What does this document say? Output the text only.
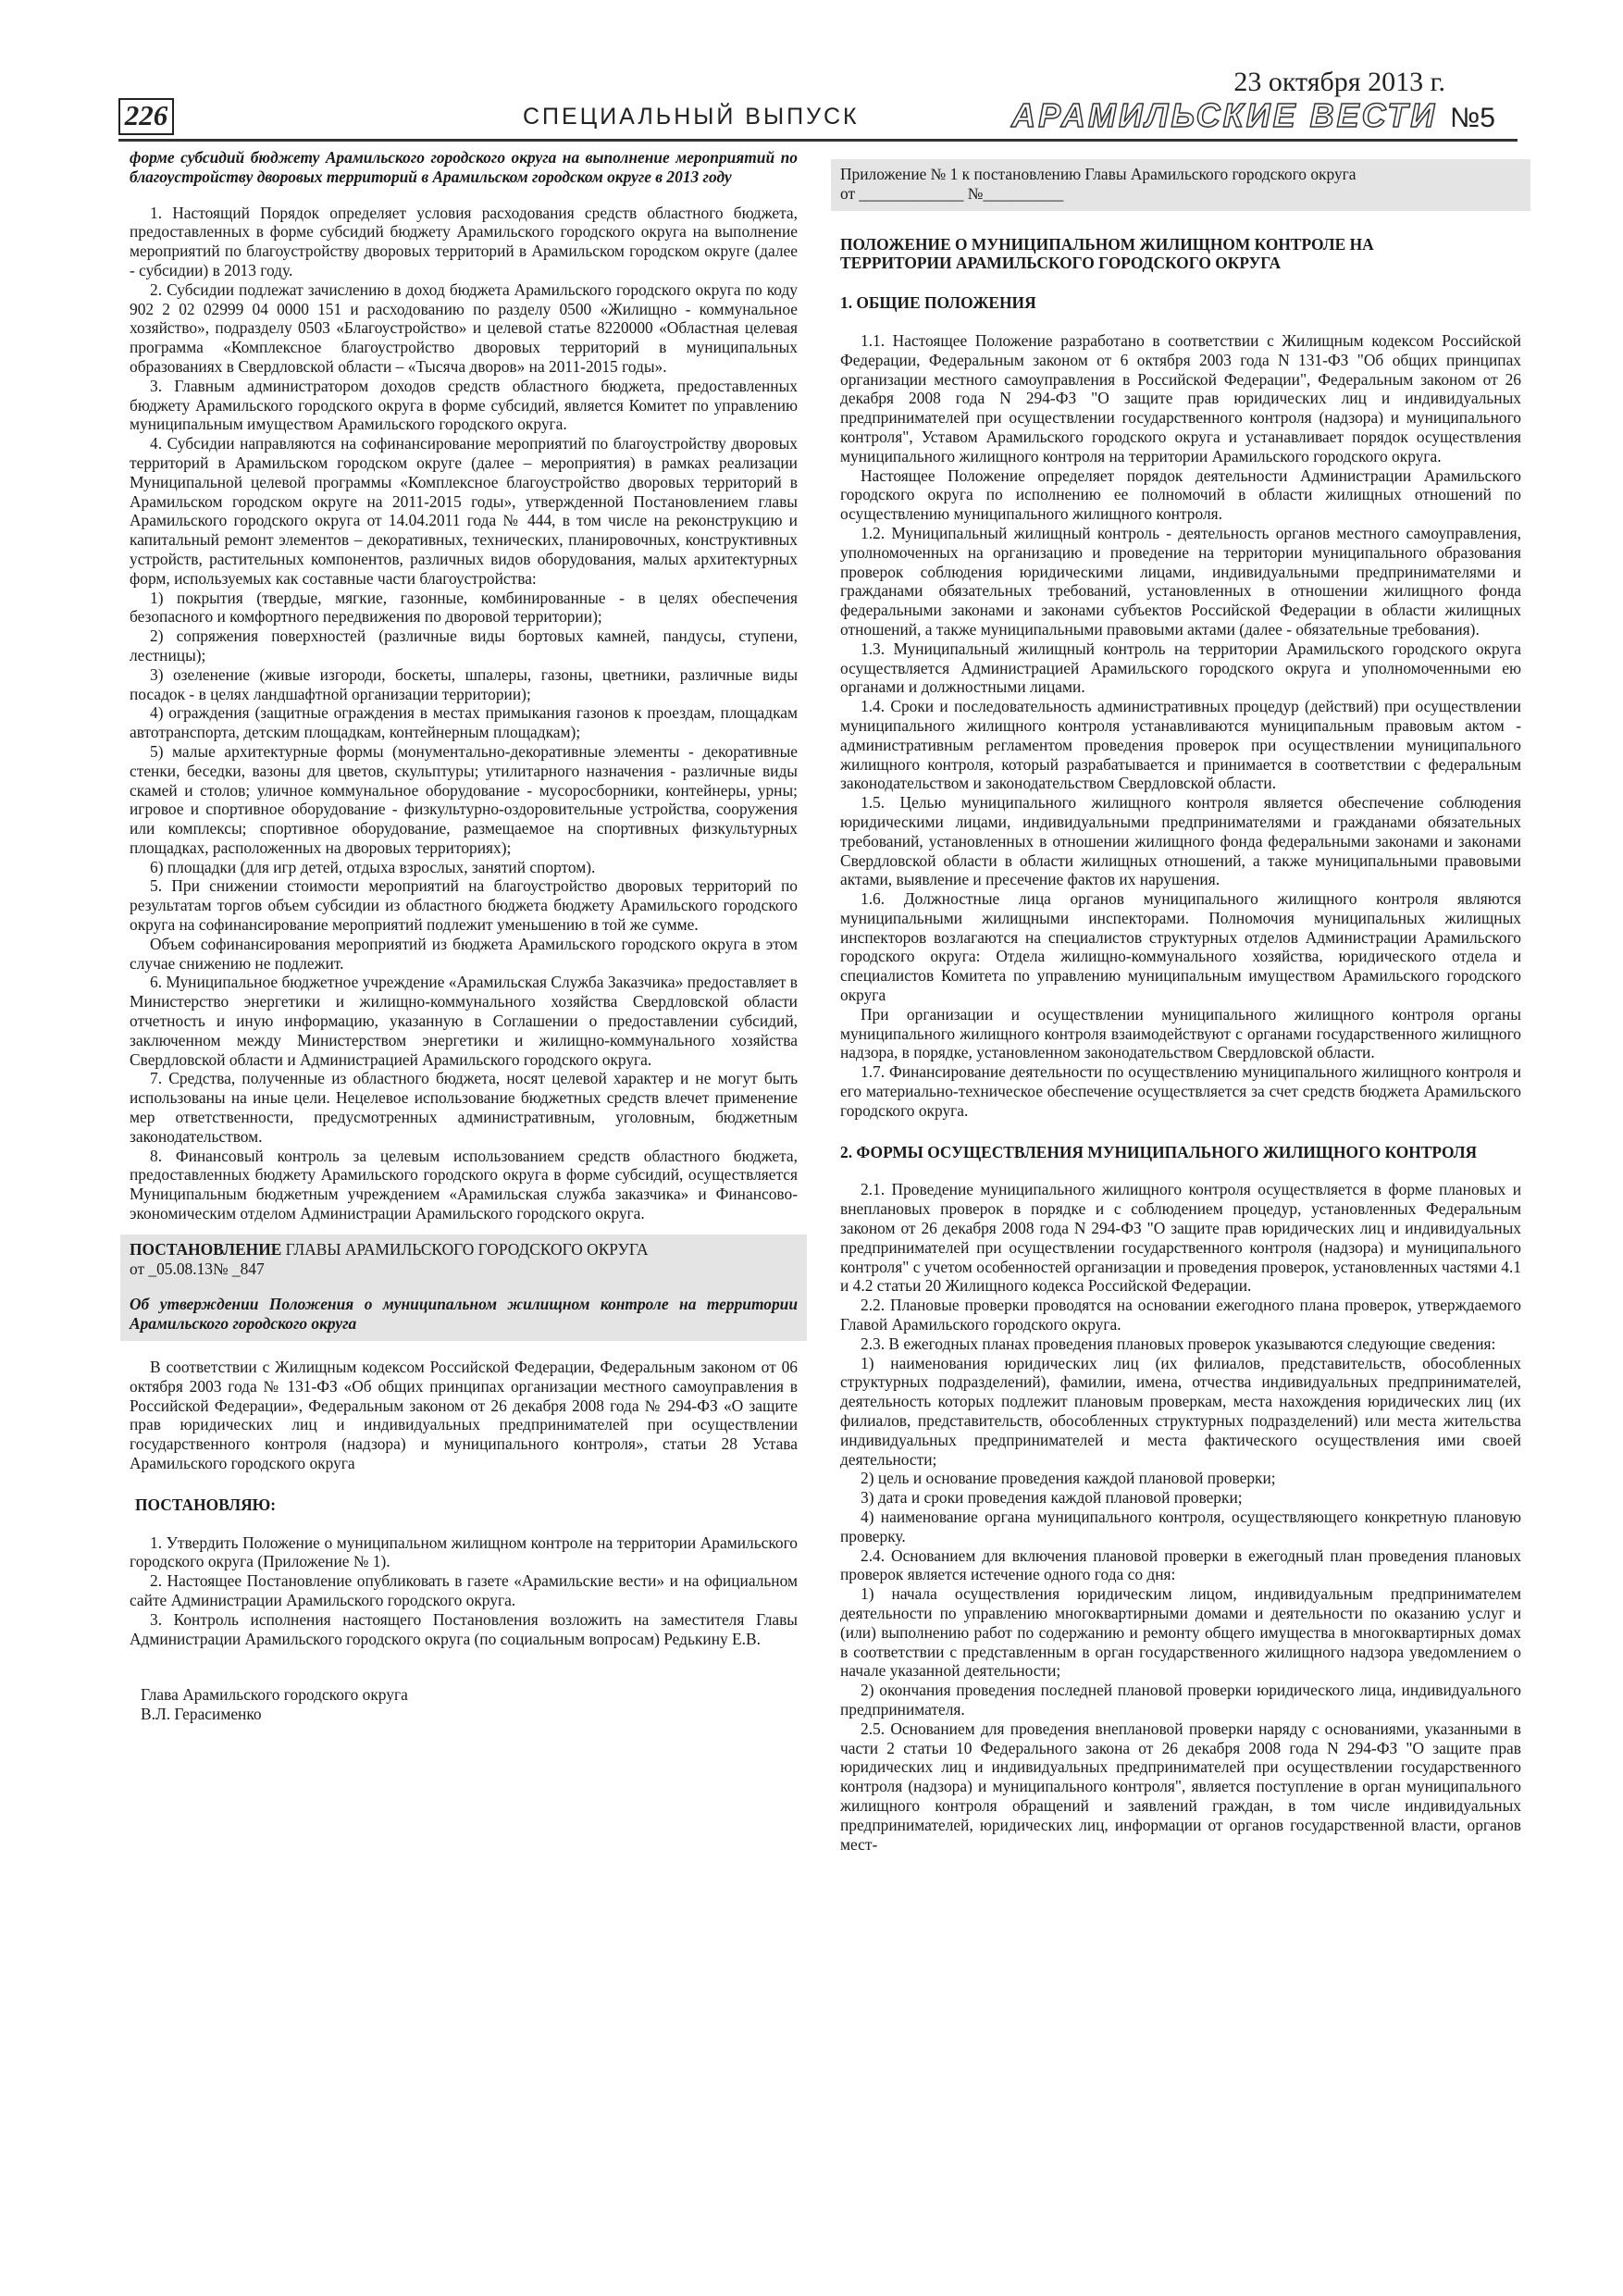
226	СПЕЦИАЛЬНЫЙ ВЫПУСК
23 октября 2013 г.
АРАМИЛЬСКИЕ ВЕСТИ №5

форме субсидий бюджету Арамильского городского округа на выполнение мероприятий по благоустройству дворовых территорий в Арамильском городском округе в 2013 году

1. Настоящий Порядок определяет условия расходования средств областного бюджета, предоставленных в форме субсидий бюджету Арамильского городского округа на выполнение мероприятий по благоустройству дворовых территорий в Арамильском городском округе (далее - субсидии) в 2013 году.

2. Субсидии подлежат зачислению в доход бюджета Арамильского городского округа по коду 902 2 02 02999 04 0000 151 и расходованию по разделу 0500 «Жилищно - коммунальное хозяйство», подразделу 0503 «Благоустройство» и целевой статье 8220000 «Областная целевая программа «Комплексное благоустройство дворовых территорий в муниципальных образованиях в Свердловской области – «Тысяча дворов» на 2011-2015 годы».

3. Главным администратором доходов средств областного бюджета, предоставленных бюджету Арамильского городского округа в форме субсидий, является Комитет по управлению муниципальным имуществом Арамильского городского округа.

4. Субсидии направляются на софинансирование мероприятий по благоустройству дворовых территорий в Арамильском городском округе (далее – мероприятия) в рамках реализации Муниципальной целевой программы «Комплексное благоустройство дворовых территорий в Арамильском городском округе на 2011-2015 годы», утвержденной Постановлением главы Арамильского городского округа от 14.04.2011 года № 444, в том числе на реконструкцию и капитальный ремонт элементов – декоративных, технических, планировочных, конструктивных устройств, растительных компонентов, различных видов оборудования, малых архитектурных форм, используемых как составные части благоустройства:

1) покрытия (твердые, мягкие, газонные, комбинированные - в целях обеспечения безопасного и комфортного передвижения по дворовой территории);

2) сопряжения поверхностей (различные виды бортовых камней, пандусы, ступени, лестницы);

3) озеленение (живые изгороди, боскеты, шпалеры, газоны, цветники, различные виды посадок - в целях ландшафтной организации территории);

4) ограждения (защитные ограждения в местах примыкания газонов к проездам, площадкам автотранспорта, детским площадкам, контейнерным площадкам);

5) малые архитектурные формы (монументально-декоративные элементы - декоративные стенки, беседки, вазоны для цветов, скульптуры; утилитарного назначения - различные виды скамей и столов; уличное коммунальное оборудование - мусоросборники, контейнеры, урны; игровое и спортивное оборудование - физкультурно-оздоровительные устройства, сооружения или комплексы; спортивное оборудование, размещаемое на спортивных физкультурных площадках, расположенных на дворовых территориях);

6) площадки (для игр детей, отдыха взрослых, занятий спортом).

5. При снижении стоимости мероприятий на благоустройство дворовых территорий по результатам торгов объем субсидии из областного бюджета бюджету Арамильского городского округа на софинансирование мероприятий подлежит уменьшению в той же сумме.

Объем софинансирования мероприятий из бюджета Арамильского городского округа в этом случае снижению не подлежит.

6. Муниципальное бюджетное учреждение «Арамильская Служба Заказчика» предоставляет в Министерство энергетики и жилищно-коммунального хозяйства Свердловской области отчетность и иную информацию, указанную в Соглашении о предоставлении субсидий, заключенном между Министерством энергетики и жилищно-коммунального хозяйства Свердловской области и Администрацией Арамильского городского округа.

7. Средства, полученные из областного бюджета, носят целевой характер и не могут быть использованы на иные цели. Нецелевое использование бюджетных средств влечет применение мер ответственности, предусмотренных административным, уголовным, бюджетным законодательством.

8. Финансовый контроль за целевым использованием средств областного бюджета, предоставленных бюджету Арамильского городского округа в форме субсидий, осуществляется Муниципальным бюджетным учреждением «Арамильская служба заказчика» и Финансово-экономическим отделом Администрации Арамильского городского округа.

ПОСТАНОВЛЕНИЕ ГЛАВЫ АРАМИЛЬСКОГО ГОРОДСКОГО ОКРУГА

от _05.08.13№ _847

Об утверждении Положения о муниципальном жилищном контроле на территории Арамильского городского округа

В соответствии с Жилищным кодексом Российской Федерации, Федеральным законом от 06 октября 2003 года № 131-ФЗ «Об общих принципах организации местного самоуправления в Российской Федерации», Федеральным законом от 26 декабря 2008 года № 294-ФЗ «О защите прав юридических лиц и индивидуальных предпринимателей при осуществлении государственного контроля (надзора) и муниципального контроля», статьи 28 Устава Арамильского городского округа

ПОСТАНОВЛЯЮ:

1. Утвердить Положение о муниципальном жилищном контроле на территории Арамильского городского округа (Приложение № 1).

2. Настоящее Постановление опубликовать в газете «Арамильские вести» и на официальном сайте Администрации Арамильского городского округа.

3. Контроль исполнения настоящего Постановления возложить на заместителя Главы Администрации Арамильского городского округа (по социальным вопросам) Редькину Е.В.

Глава Арамильского городского округа

В.Л. Герасименко

Приложение № 1 к постановлению Главы Арамильского городского округа

от _____________ №__________

ПОЛОЖЕНИЕ О МУНИЦИПАЛЬНОМ ЖИЛИЩНОМ КОНТРОЛЕ НА ТЕРРИТОРИИ АРАМИЛЬСКОГО ГОРОДСКОГО ОКРУГА

1. ОБЩИЕ ПОЛОЖЕНИЯ

1.1. Настоящее Положение разработано в соответствии с Жилищным кодексом Российской Федерации, Федеральным законом от 6 октября 2003 года N 131-ФЗ "Об общих принципах организации местного самоуправления в Российской Федерации", Федеральным законом от 26 декабря 2008 года N 294-ФЗ "О защите прав юридических лиц и индивидуальных предпринимателей при осуществлении государственного контроля (надзора) и муниципального контроля", Уставом Арамильского городского округа и устанавливает порядок осуществления муниципального жилищного контроля на территории Арамильского городского округа.

Настоящее Положение определяет порядок деятельности Администрации Арамильского городского округа по исполнению ее полномочий в области жилищных отношений по осуществлению муниципального жилищного контроля.

1.2. Муниципальный жилищный контроль - деятельность органов местного самоуправления, уполномоченных на организацию и проведение на территории муниципального образования проверок соблюдения юридическими лицами, индивидуальными предпринимателями и гражданами обязательных требований, установленных в отношении жилищного фонда федеральными законами и законами субъектов Российской Федерации в области жилищных отношений, а также муниципальными правовыми актами (далее - обязательные требования).

1.3. Муниципальный жилищный контроль на территории Арамильского городского округа осуществляется Администрацией Арамильского городского округа и уполномоченными ею органами и должностными лицами.

1.4. Сроки и последовательность административных процедур (действий) при осуществлении муниципального жилищного контроля устанавливаются муниципальным правовым актом - административным регламентом проведения проверок при осуществлении муниципального жилищного контроля, который разрабатывается и принимается в соответствии с федеральным законодательством и законодательством Свердловской области.

1.5. Целью муниципального жилищного контроля является обеспечение соблюдения юридическими лицами, индивидуальными предпринимателями и гражданами обязательных требований, установленных в отношении жилищного фонда федеральными законами и законами Свердловской области в области жилищных отношений, а также муниципальными правовыми актами, выявление и пресечение фактов их нарушения.

1.6. Должностные лица органов муниципального жилищного контроля являются муниципальными жилищными инспекторами. Полномочия муниципальных жилищных инспекторов возлагаются на специалистов структурных отделов Администрации Арамильского городского округа: Отдела жилищно-коммунального хозяйства, юридического отдела и специалистов Комитета по управлению муниципальным имуществом Арамильского городского округа

При организации и осуществлении муниципального жилищного контроля органы муниципального жилищного контроля взаимодействуют с органами государственного жилищного надзора, в порядке, установленном законодательством Свердловской области.

1.7. Финансирование деятельности по осуществлению муниципального жилищного контроля и его материально-техническое обеспечение осуществляется за счет средств бюджета Арамильского городского округа.

2. ФОРМЫ ОСУЩЕСТВЛЕНИЯ МУНИЦИПАЛЬНОГО ЖИЛИЩНОГО КОНТРОЛЯ

2.1. Проведение муниципального жилищного контроля осуществляется в форме плановых и внеплановых проверок в порядке и с соблюдением процедур, установленных Федеральным законом от 26 декабря 2008 года N 294-ФЗ "О защите прав юридических лиц и индивидуальных предпринимателей при осуществлении государственного контроля (надзора) и муниципального контроля" с учетом особенностей организации и проведения проверок, установленных частями 4.1 и 4.2 статьи 20 Жилищного кодекса Российской Федерации.

2.2. Плановые проверки проводятся на основании ежегодного плана проверок, утверждаемого Главой Арамильского городского округа.

2.3. В ежегодных планах проведения плановых проверок указываются следующие сведения:

1) наименования юридических лиц (их филиалов, представительств, обособленных структурных подразделений), фамилии, имена, отчества индивидуальных предпринимателей, деятельность которых подлежит плановым проверкам, места нахождения юридических лиц (их филиалов, представительств, обособленных структурных подразделений) или места жительства индивидуальных предпринимателей и места фактического осуществления ими своей деятельности;

2) цель и основание проведения каждой плановой проверки;

3) дата и сроки проведения каждой плановой проверки;

4) наименование органа муниципального контроля, осуществляющего конкретную плановую проверку.

2.4. Основанием для включения плановой проверки в ежегодный план проведения плановых проверок является истечение одного года со дня:

1) начала осуществления юридическим лицом, индивидуальным предпринимателем деятельности по управлению многоквартирными домами и деятельности по оказанию услуг и (или) выполнению работ по содержанию и ремонту общего имущества в многоквартирных домах в соответствии с представленным в орган государственного жилищного надзора уведомлением о начале указанной деятельности;

2) окончания проведения последней плановой проверки юридического лица, индивидуального предпринимателя.

2.5. Основанием для проведения внеплановой проверки наряду с основаниями, указанными в части 2 статьи 10 Федерального закона от 26 декабря 2008 года N 294-ФЗ "О защите прав юридических лиц и индивидуальных предпринимателей при осуществлении государственного контроля (надзора) и муниципального контроля", является поступление в орган муниципального жилищного контроля обращений и заявлений граждан, в том числе индивидуальных предпринимателей, юридических лиц, информации от органов государственной власти, органов мест-
